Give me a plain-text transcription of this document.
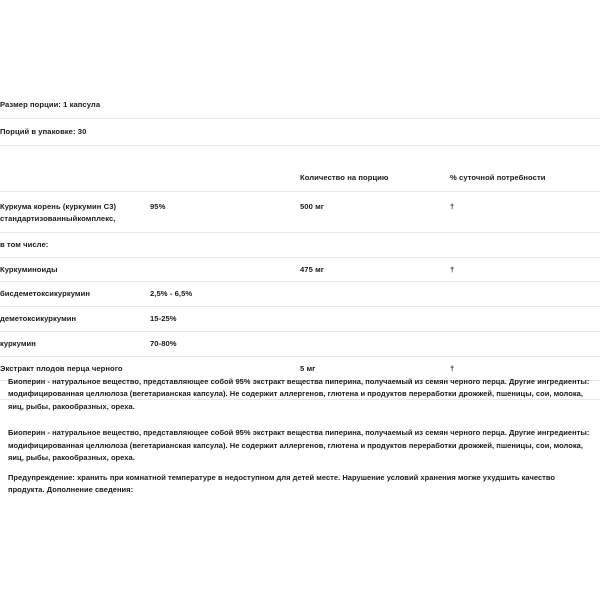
Размер порции: 1 капсула			
Порций в упаковке: 30			

		Количество на порцию	% суточной потребности
Куркума корень (куркумин C3) стандартизованныйкомплекс,	95%	500 мг	†
в том числе:			
Куркуминоиды		475 мг	†
бисдеметоксикуркумин	2,5% - 6,5%		
деметоксикуркумин	15-25%		
куркумин	70-80%		
Экстракт плодов перца черного		5 мг	†

Биоперин - натуральное вещество, представляющее собой 95% экстракт вещества пиперина, получаемый из семян черного перца. Другие ингредиенты: модифицированная целлюлоза (вегетарианская капсула). Не содержит аллергенов, глютена и продуктов переработки дрожжей, пшеницы, сои, молока, яиц, рыбы, ракообразных, ореха.

Биоперин - натуральное вещество, представляющее собой 95% экстракт вещества пиперина, получаемый из семян черного перца. Другие ингредиенты: модифицированная целлюлоза (вегетарианская капсула). Не содержит аллергенов, глютена и продуктов переработки дрожжей, пшеницы, сои, молока, яиц, рыбы, ракообразных, ореха.

Предупреждение: хранить при комнатной температуре в недоступном для детей месте. Нарушение условий хранения могже ухудшить качество продукта. Дополнение сведения:
